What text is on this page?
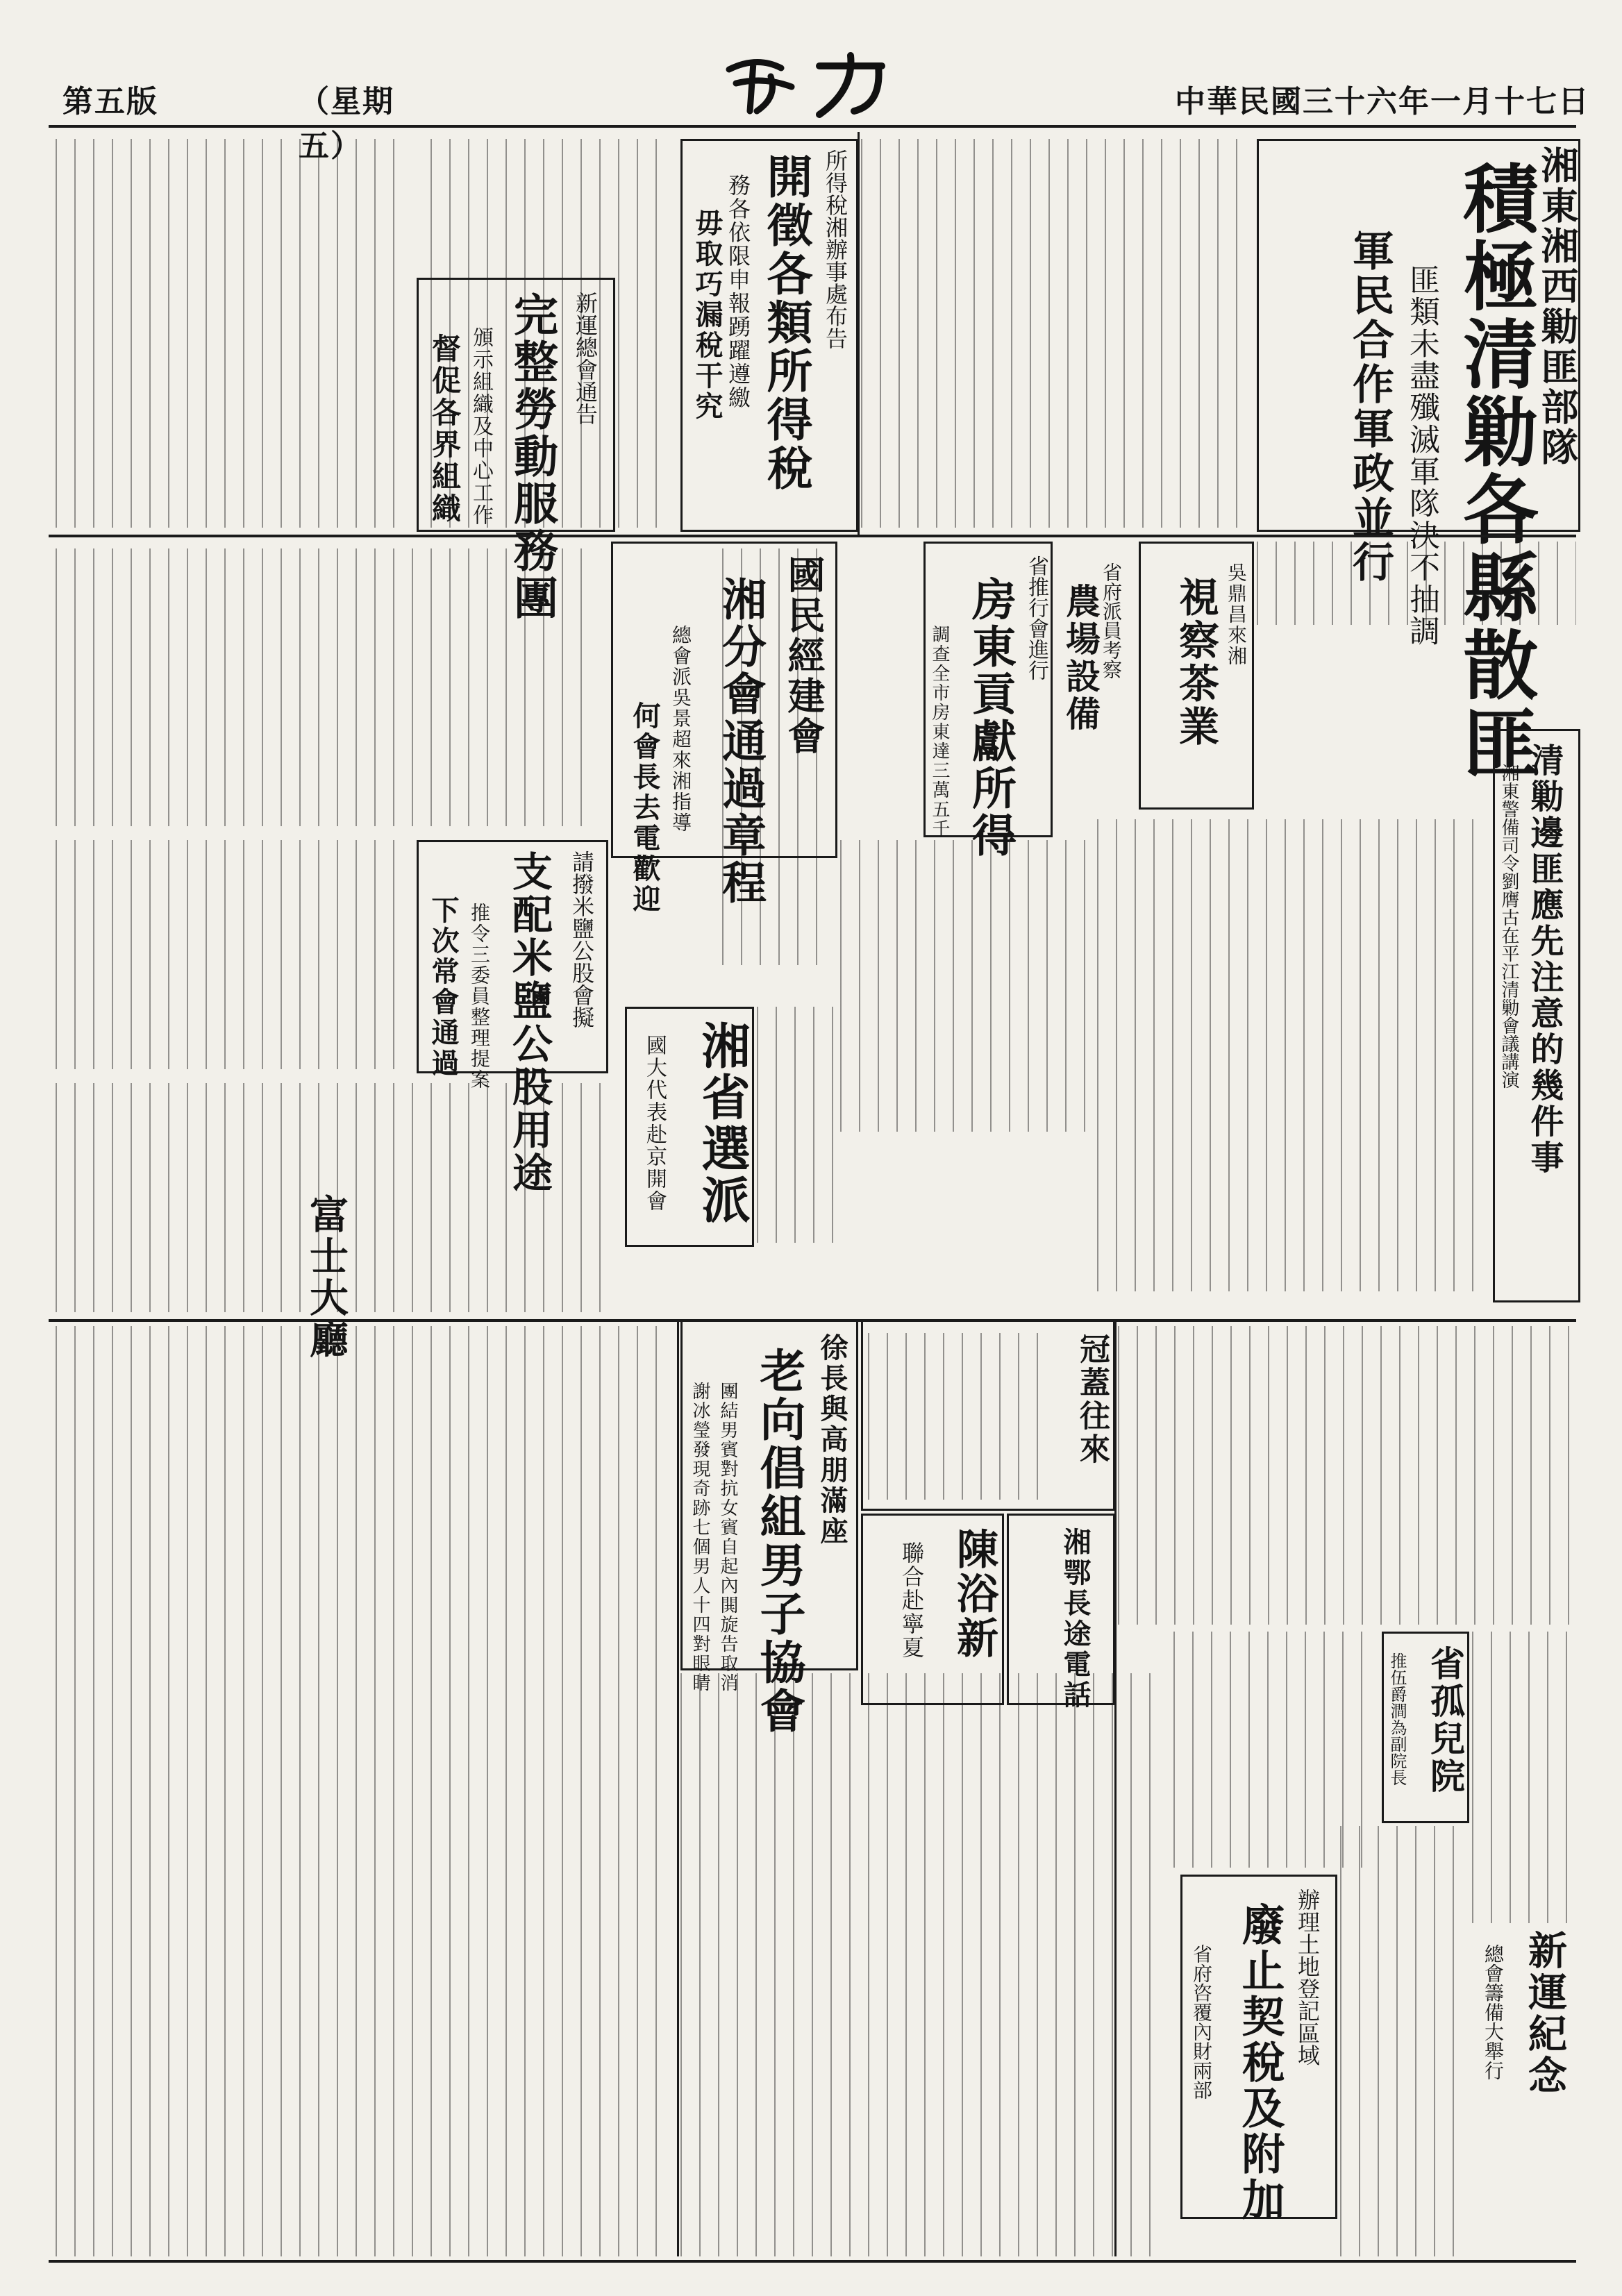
中華民國三十六年一月十七日
（星期五）
第五版
湘東湘西勦匪部隊
積極清勦各縣散匪
匪類未盡殲滅軍隊決不抽調
軍民合作軍政並行
所得稅湘辦事處布告
開徵各類所得稅
務各依限申報踴躍遵繳
毋取巧漏稅干究
新運總會通告
完整勞動服務團
頒示組織及中心工作
督促各界組織
國民經建會
湘分會通過章程
總會派吳景超來湘指導
何會長去電歡迎
請撥米鹽公股會擬
支配米鹽公股用途
推令三委員整理提案
下次常會通過
吳鼎昌來湘
視察茶業
省府派員考察
農場設備
清勦邊匪應先注意的幾件事
湘東警備司令劉膺古在平江清勦會議講演
省推行會進行
房東貢獻所得
調查全市房東達三萬五千
湘省選派
國大代表赴京開會
富士大廳
徐長與高朋滿座
老向倡組男子協會
團結男賓對抗女賓自起內閧旋告取消
謝冰瑩發現奇跡七個男人十四對眼睛	冠蓋往來
陳浴新
聯合赴寧夏	湘鄂長途電話
省孤兒院
推伍爵澗為副院長
新運紀念
總會籌備大舉行
辦理土地登記區域
廢止契稅及附加
省府咨覆內財兩部
